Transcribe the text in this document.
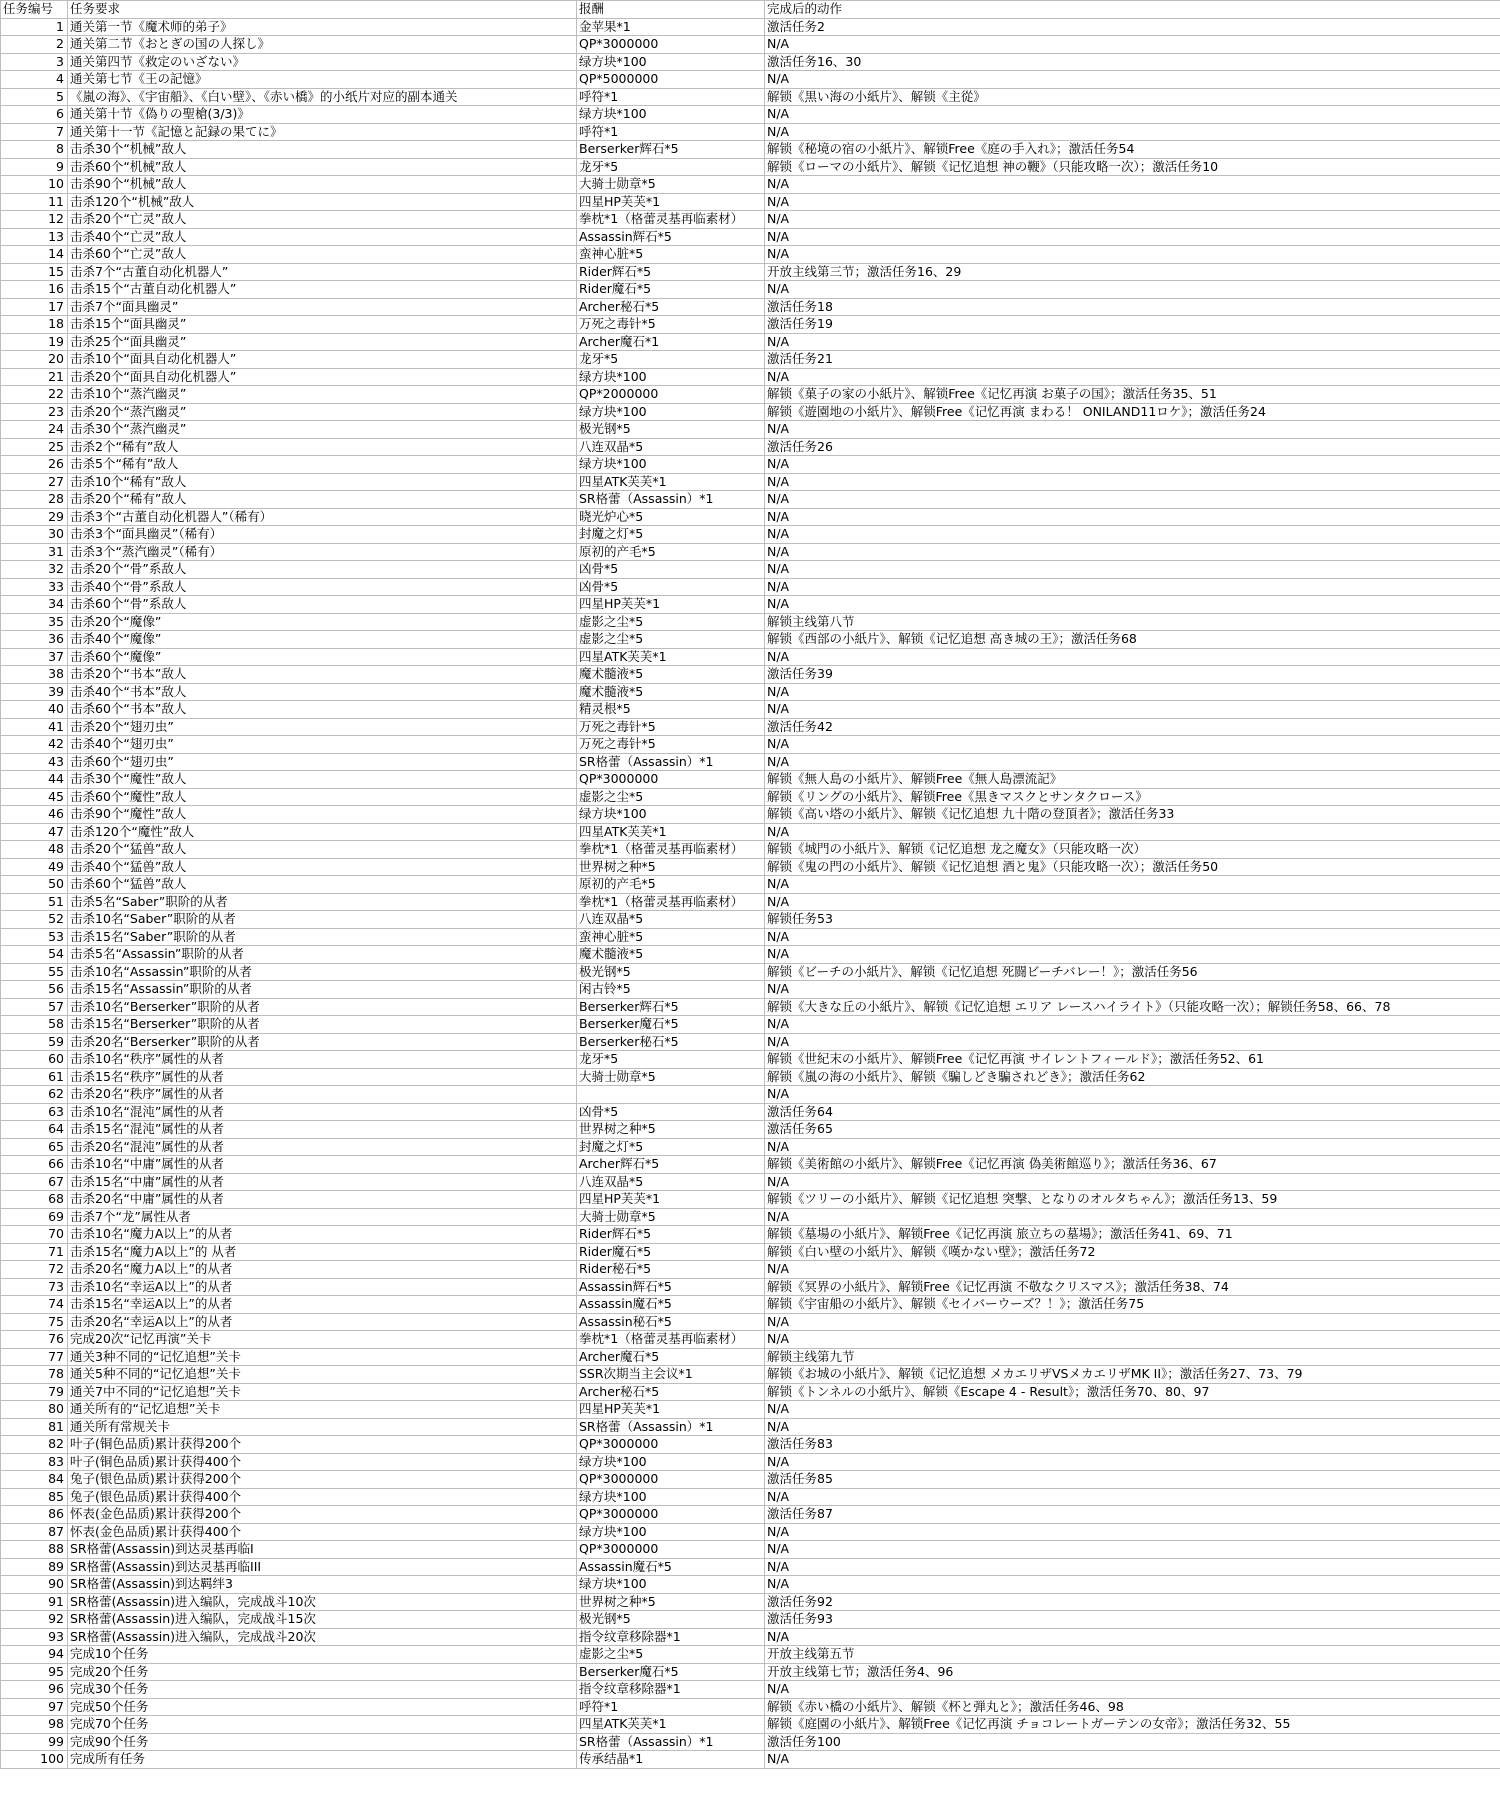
任务编号	任务要求	报酬	完成后的动作
1	通关第一节《魔术师的弟子》	金苹果*1	激活任务2
2	通关第二节《おとぎの国の人探し》	QP*3000000	N/A
3	通关第四节《救定のいざない》	绿方块*100	激活任务16、30
4	通关第七节《王の記憶》	QP*5000000	N/A
5	《嵐の海》、《宇宙船》、《白い壁》、《赤い橋》的小纸片对应的副本通关	呼符*1	解锁《黒い海の小紙片》、解锁《主從》
6	通关第十节《偽りの聖槍(3/3)》	绿方块*100	N/A
7	通关第十一节《記憶と記録の果てに》	呼符*1	N/A
8	击杀30个“机械”敌人	Berserker辉石*5	解锁《秘境の宿の小紙片》、解锁Free《庭の手入れ》；激活任务54
9	击杀60个“机械”敌人	龙牙*5	解锁《ローマの小紙片》、解锁《记忆追想 神の鞭》（只能攻略一次）；激活任务10
10	击杀90个“机械”敌人	大骑士勋章*5	N/A
11	击杀120个“机械”敌人	四星HP芙芙*1	N/A
12	击杀20个“亡灵”敌人	拳枕*1（格蕾灵基再临素材）	N/A
13	击杀40个“亡灵”敌人	Assassin辉石*5	N/A
14	击杀60个“亡灵”敌人	蛮神心脏*5	N/A
15	击杀7个“古董自动化机器人”	Rider辉石*5	开放主线第三节；激活任务16、29
16	击杀15个“古董自动化机器人”	Rider魔石*5	N/A
17	击杀7个“面具幽灵”	Archer秘石*5	激活任务18
18	击杀15个“面具幽灵”	万死之毒针*5	激活任务19
19	击杀25个“面具幽灵”	Archer魔石*1	N/A
20	击杀10个“面具自动化机器人”	龙牙*5	激活任务21
21	击杀20个“面具自动化机器人”	绿方块*100	N/A
22	击杀10个“蒸汽幽灵”	QP*2000000	解锁《菓子の家の小紙片》、解锁Free《记忆再演 お菓子の国》；激活任务35、51
23	击杀20个“蒸汽幽灵”	绿方块*100	解锁《遊園地の小紙片》、解锁Free《记忆再演 まわる！ ONILAND11ロケ》；激活任务24
24	击杀30个“蒸汽幽灵”	极光钢*5	N/A
25	击杀2个“稀有”敌人	八连双晶*5	激活任务26
26	击杀5个“稀有”敌人	绿方块*100	N/A
27	击杀10个“稀有”敌人	四星ATK芙芙*1	N/A
28	击杀20个“稀有”敌人	SR格蕾（Assassin）*1	N/A
29	击杀3个“古董自动化机器人”（稀有）	晓光炉心*5	N/A
30	击杀3个“面具幽灵”（稀有）	封魔之灯*5	N/A
31	击杀3个“蒸汽幽灵”（稀有）	原初的产毛*5	N/A
32	击杀20个“骨”系敌人	凶骨*5	N/A
33	击杀40个“骨”系敌人	凶骨*5	N/A
34	击杀60个“骨”系敌人	四星HP芙芙*1	N/A
35	击杀20个“魔像”	虚影之尘*5	解锁主线第八节
36	击杀40个“魔像”	虚影之尘*5	解锁《西部の小紙片》、解锁《记忆追想 高き城の王》；激活任务68
37	击杀60个“魔像”	四星ATK芙芙*1	N/A
38	击杀20个“书本”敌人	魔术髓液*5	激活任务39
39	击杀40个“书本”敌人	魔术髓液*5	N/A
40	击杀60个“书本”敌人	精灵根*5	N/A
41	击杀20个“翅刃虫”	万死之毒针*5	激活任务42
42	击杀40个“翅刃虫”	万死之毒针*5	N/A
43	击杀60个“翅刃虫”	SR格蕾（Assassin）*1	N/A
44	击杀30个“魔性”敌人	QP*3000000	解锁《無人島の小紙片》、解锁Free《無人島漂流記》
45	击杀60个“魔性”敌人	虚影之尘*5	解锁《リングの小紙片》、解锁Free《黒きマスクとサンタクロース》
46	击杀90个“魔性”敌人	绿方块*100	解锁《高い塔の小紙片》、解锁《记忆追想 九十階の登頂者》；激活任务33
47	击杀120个“魔性”敌人	四星ATK芙芙*1	N/A
48	击杀20个“猛兽”敌人	拳枕*1（格蕾灵基再临素材）	解锁《城門の小紙片》、解锁《记忆追想 龙之魔女》（只能攻略一次）
49	击杀40个“猛兽”敌人	世界树之种*5	解锁《鬼の門の小紙片》、解锁《记忆追想 酒と鬼》（只能攻略一次）；激活任务50
50	击杀60个“猛兽”敌人	原初的产毛*5	N/A
51	击杀5名“Saber”职阶的从者	拳枕*1（格蕾灵基再临素材）	N/A
52	击杀10名“Saber”职阶的从者	八连双晶*5	解锁任务53
53	击杀15名“Saber”职阶的从者	蛮神心脏*5	N/A
54	击杀5名“Assassin”职阶的从者	魔术髓液*5	N/A
55	击杀10名“Assassin”职阶的从者	极光钢*5	解锁《ビーチの小紙片》、解锁《记忆追想 死闘ビーチバレー！》；激活任务56
56	击杀15名“Assassin”职阶的从者	闲古铃*5	N/A
57	击杀10名“Berserker”职阶的从者	Berserker辉石*5	解锁《大きな丘の小紙片》、解锁《记忆追想 エリア レースハイライト》（只能攻略一次）；解锁任务58、66、78
58	击杀15名“Berserker”职阶的从者	Berserker魔石*5	N/A
59	击杀20名“Berserker”职阶的从者	Berserker秘石*5	N/A
60	击杀10名“秩序”属性的从者	龙牙*5	解锁《世紀末の小紙片》、解锁Free《记忆再演 サイレントフィールド》；激活任务52、61
61	击杀15名“秩序”属性的从者	大骑士勋章*5	解锁《嵐の海の小紙片》、解锁《騙しどき騙されどき》；激活任务62
62	击杀20名“秩序”属性的从者		N/A
63	击杀10名“混沌”属性的从者	凶骨*5	激活任务64
64	击杀15名“混沌”属性的从者	世界树之种*5	激活任务65
65	击杀20名“混沌”属性的从者	封魔之灯*5	N/A
66	击杀10名“中庸”属性的从者	Archer辉石*5	解锁《美術館の小紙片》、解锁Free《记忆再演 偽美術館巡り》；激活任务36、67
67	击杀15名“中庸”属性的从者	八连双晶*5	N/A
68	击杀20名“中庸”属性的从者	四星HP芙芙*1	解锁《ツリーの小紙片》、解锁《记忆追想 突撃、となりのオルタちゃん》；激活任务13、59
69	击杀7个“龙”属性从者	大骑士勋章*5	N/A
70	击杀10名“魔力A以上”的从者	Rider辉石*5	解锁《墓場の小紙片》、解锁Free《记忆再演 旅立ちの墓場》；激活任务41、69、71
71	击杀15名“魔力A以上”的 从者	Rider魔石*5	解锁《白い壁の小紙片》、解锁《嘆かない壁》；激活任务72
72	击杀20名“魔力A以上”的从者	Rider秘石*5	N/A
73	击杀10名“幸运A以上”的从者	Assassin辉石*5	解锁《冥界の小紙片》、解锁Free《记忆再演 不敬なクリスマス》；激活任务38、74
74	击杀15名“幸运A以上”的从者	Assassin魔石*5	解锁《宇宙船の小紙片》、解锁《セイバーウーズ？！》；激活任务75
75	击杀20名“幸运A以上”的从者	Assassin秘石*5	N/A
76	完成20次“记忆再演”关卡	拳枕*1（格蕾灵基再临素材）	N/A
77	通关3种不同的“记忆追想”关卡	Archer魔石*5	解锁主线第九节
78	通关5种不同的“记忆追想”关卡	SSR次期当主会议*1	解锁《お城の小紙片》、解锁《记忆追想 メカエリザVSメカエリザMK II》；激活任务27、73、79
79	通关7中不同的“记忆追想”关卡	Archer秘石*5	解锁《トンネルの小紙片》、解锁《Escape 4 - Result》；激活任务70、80、97
80	通关所有的“记忆追想”关卡	四星HP芙芙*1	N/A
81	通关所有常规关卡	SR格蕾（Assassin）*1	N/A
82	叶子(铜色品质)累计获得200个	QP*3000000	激活任务83
83	叶子(铜色品质)累计获得400个	绿方块*100	N/A
84	兔子(银色品质)累计获得200个	QP*3000000	激活任务85
85	兔子(银色品质)累计获得400个	绿方块*100	N/A
86	怀表(金色品质)累计获得200个	QP*3000000	激活任务87
87	怀表(金色品质)累计获得400个	绿方块*100	N/A
88	SR格蕾(Assassin)到达灵基再临I	QP*3000000	N/A
89	SR格蕾(Assassin)到达灵基再临III	Assassin魔石*5	N/A
90	SR格蕾(Assassin)到达羁绊3	绿方块*100	N/A
91	SR格蕾(Assassin)进入编队，完成战斗10次	世界树之种*5	激活任务92
92	SR格蕾(Assassin)进入编队，完成战斗15次	极光钢*5	激活任务93
93	SR格蕾(Assassin)进入编队，完成战斗20次	指令纹章移除器*1	N/A
94	完成10个任务	虚影之尘*5	开放主线第五节
95	完成20个任务	Berserker魔石*5	开放主线第七节；激活任务4、96
96	完成30个任务	指令纹章移除器*1	N/A
97	完成50个任务	呼符*1	解锁《赤い橋の小紙片》、解锁《杯と弾丸と》；激活任务46、98
98	完成70个任务	四星ATK芙芙*1	解锁《庭園の小紙片》、解锁Free《记忆再演 チョコレートガーテンの女帝》；激活任务32、55
99	完成90个任务	SR格蕾（Assassin）*1	激活任务100
100	完成所有任务	传承结晶*1	N/A
